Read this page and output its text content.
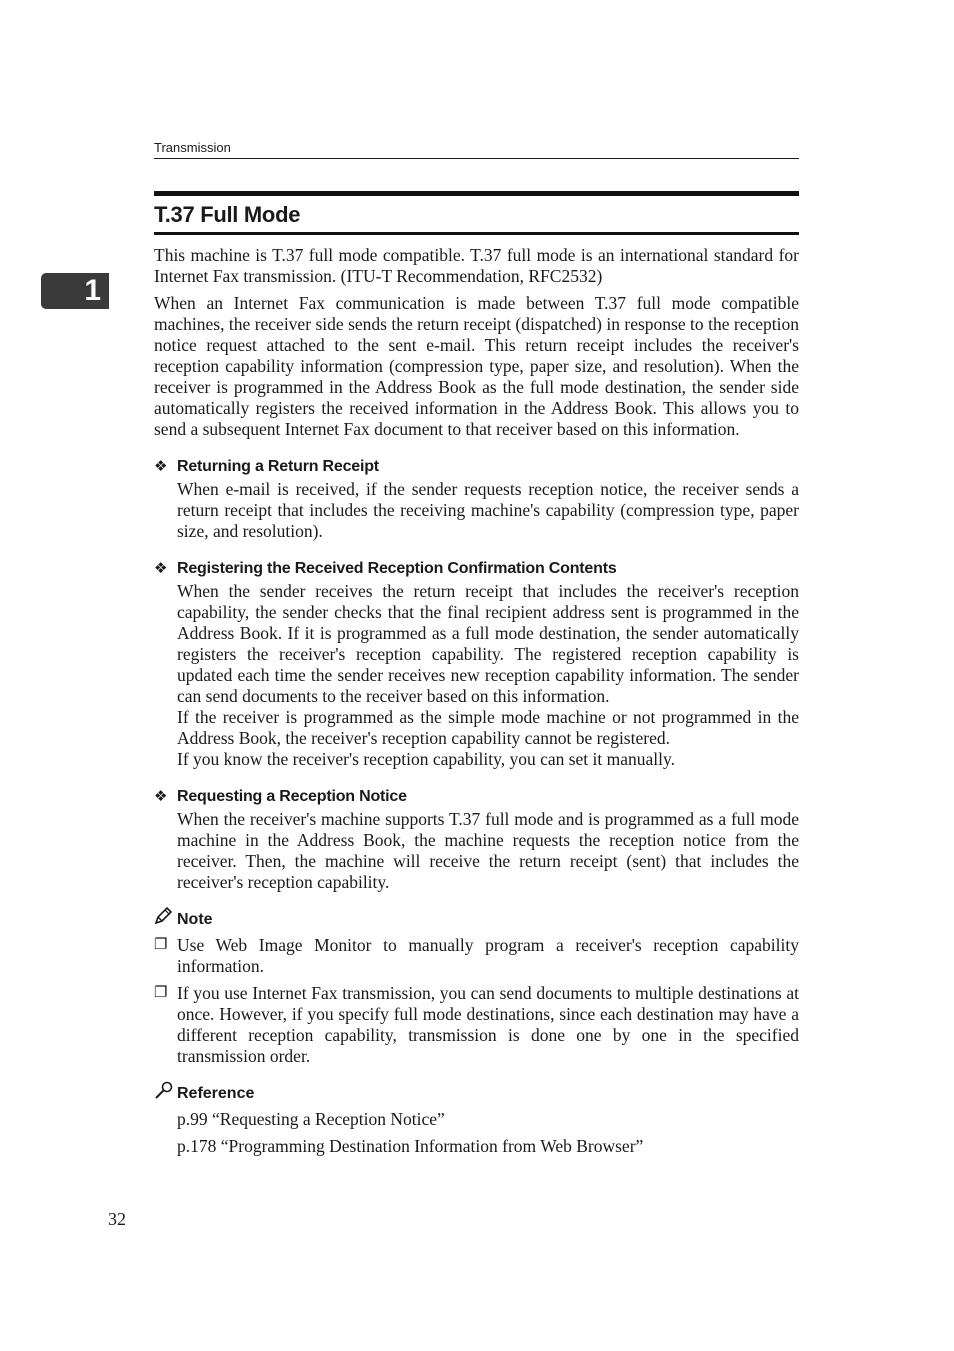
Transmission
1
T.37 Full Mode

This machine is T.37 full mode compatible. T.37 full mode is an international standard for Internet Fax transmission. (ITU-T Recommendation, RFC2532)

When an Internet Fax communication is made between T.37 full mode compatible machines, the receiver side sends the return receipt (dispatched) in response to the reception notice request attached to the sent e-mail. This return receipt includes the receiver's reception capability information (compression type, paper size, and resolution). When the receiver is programmed in the Address Book as the full mode destination, the sender side automatically registers the received information in the Address Book. This allows you to send a subsequent Internet Fax document to that receiver based on this information.

❖ Returning a Return Receipt

When e-mail is received, if the sender requests reception notice, the receiver sends a return receipt that includes the receiving machine's capability (compression type, paper size, and resolution).

❖ Registering the Received Reception Confirmation Contents

When the sender receives the return receipt that includes the receiver's reception capability, the sender checks that the final recipient address sent is programmed in the Address Book. If it is programmed as a full mode destination, the sender automatically registers the receiver's reception capability. The registered reception capability is updated each time the sender receives new reception capability information. The sender can send documents to the receiver based on this information.

If the receiver is programmed as the simple mode machine or not programmed in the Address Book, the receiver's reception capability cannot be registered.

If you know the receiver's reception capability, you can set it manually.

❖ Requesting a Reception Notice

When the receiver's machine supports T.37 full mode and is programmed as a full mode machine in the Address Book, the machine requests the reception notice from the receiver. Then, the machine will receive the return receipt (sent) that includes the receiver's reception capability.

Note
❐ Use Web Image Monitor to manually program a receiver's reception capability information.
❐ If you use Internet Fax transmission, you can send documents to multiple destinations at once. However, if you specify full mode destinations, since each destination may have a different reception capability, transmission is done one by one in the specified transmission order.
Reference
p.99 “Requesting a Reception Notice”
p.178 “Programming Destination Information from Web Browser”
32
